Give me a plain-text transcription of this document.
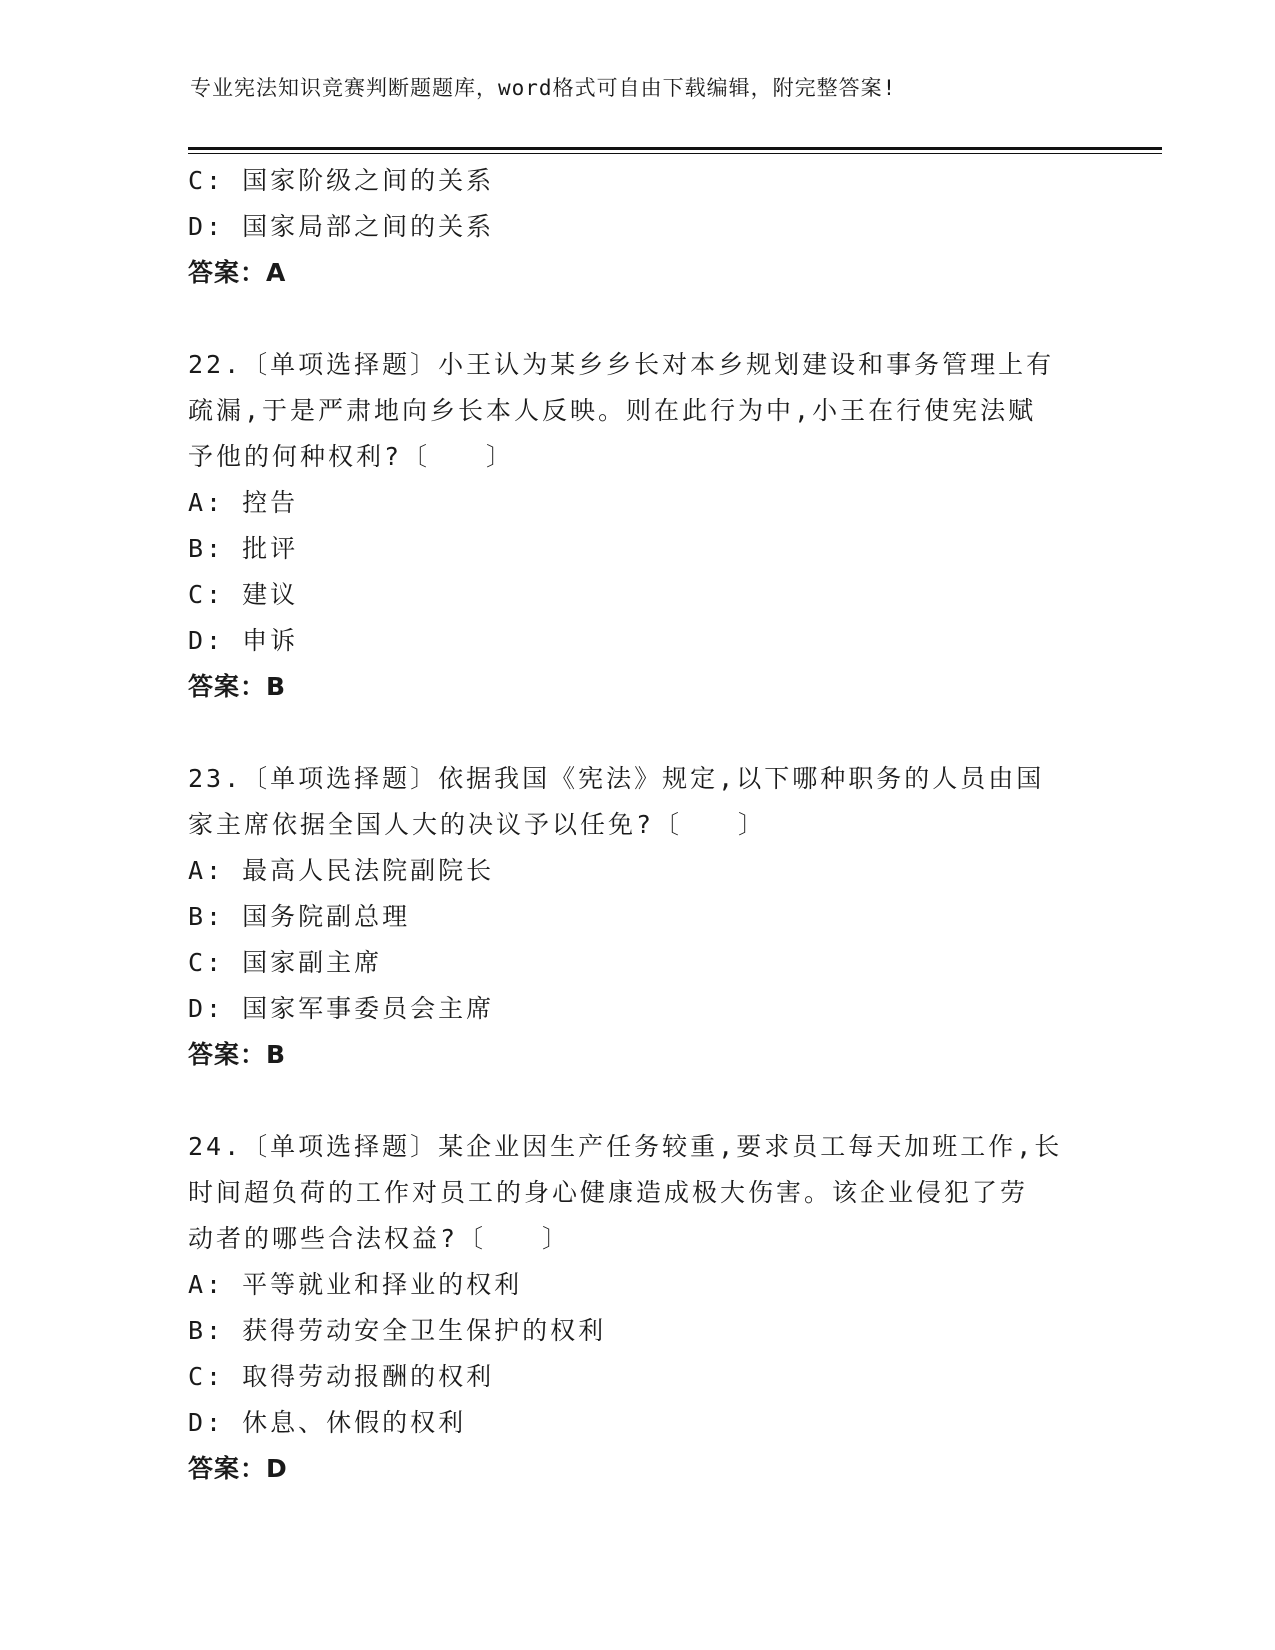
专业宪法知识竞赛判断题题库，word格式可自由下载编辑，附完整答案!
C: 国家阶级之间的关系
D: 国家局部之间的关系
答案：A
22.〔单项选择题〕小王认为某乡乡长对本乡规划建设和事务管理上有
疏漏,于是严肃地向乡长本人反映。则在此行为中,小王在行使宪法赋
予他的何种权利?〔　　〕
A: 控告
B: 批评
C: 建议
D: 申诉
答案：B
23.〔单项选择题〕依据我国《宪法》规定,以下哪种职务的人员由国
家主席依据全国人大的决议予以任免?〔　　〕
A: 最高人民法院副院长
B: 国务院副总理
C: 国家副主席
D: 国家军事委员会主席
答案：B
24.〔单项选择题〕某企业因生产任务较重,要求员工每天加班工作,长
时间超负荷的工作对员工的身心健康造成极大伤害。该企业侵犯了劳
动者的哪些合法权益?〔　　〕
A: 平等就业和择业的权利
B: 获得劳动安全卫生保护的权利
C: 取得劳动报酬的权利
D: 休息、休假的权利
答案：D
